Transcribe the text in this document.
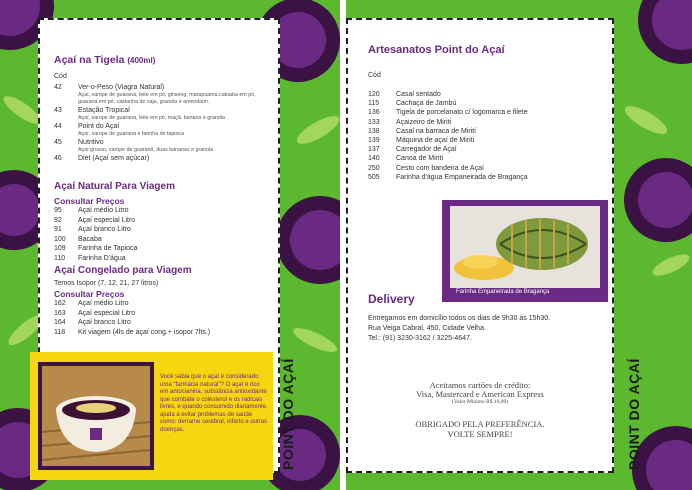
Açaí na Tigela (400ml)
Cód
42	Ver-o-Peso (Viagra Natural)
Açaí, xarope de guaraná, leite em pó, ginseng, marapuama,catuaba em pó, guaraná em pó, castanha de caju, granola e amendoim.

43	Estação Tropical
Açaí, xarope de guaraná, leite em pó, maçã, banana e granola

44	Point do Açaí
Açaí, xarope de guaraná e farinha de tapioca

45	Nutritivo
Açaí grosso, xarope de guaraná, duas bananas e granola

46	Diet (Açaí sem açúcar)
Açaí Natural Para Viagem
Consultar Preços
95	Açaí médio Litro
92	Açaí especial Litro
91	Açaí branco Litro
100	Bacaba
109	Farinha de Tapioca
110	Farinha D'água
Açaí Congelado para Viagem
Temos Isopor (7, 12, 21, 27 litros)
Consultar Preços
162	Açaí médio Litro
163	Açaí especial Litro
164	Açaí branco Litro
118	Kit viagem (4ls de açaí cong.+ isopor 7lts.)
Você sabia que o açaí é considerado uma "farmácia natural"? O açaí é rico em antocianina, substância antioxidante que combate o colesterol e os radicais livres, e quando consumido diariamente, ajuda a evitar problemas de saúde como: derrame cerebral, infarto e outras doenças.	POINT DO AÇAÍ
Artesanatos Point do Açaí
Cód
120	Casal sentado
115	Cachaça de Jambú
136	Tigela de porcelanato c/ logomarca e filete
133	Açaizeiro de Miriti
138	Casal na barraca de Miriti
139	Máquina de açaí de Miriti
137	Carregador de Açaí
140	Canoa de Miriti
250	Cesto com bandeira de Açaí
505	Farinha d'água Empaneirada de Bragança
Farinha Empaneirada de Bragança
Delivery
Entregamos em domicílio todos os dias de 9h30 às 15h30.
Rua Veiga Cabral, 450, Cidade Velha.
Tel.: (91) 3230-3162 / 3225-4647.
Aceitamos cartões de crédito:
Visa, Mastercard e American Express
(Valor Mínimo R$ 10,00)
OBRIGADO PELA PREFERÊNCIA.
VOLTE SEMPRE!	POINT DO AÇAÍ
